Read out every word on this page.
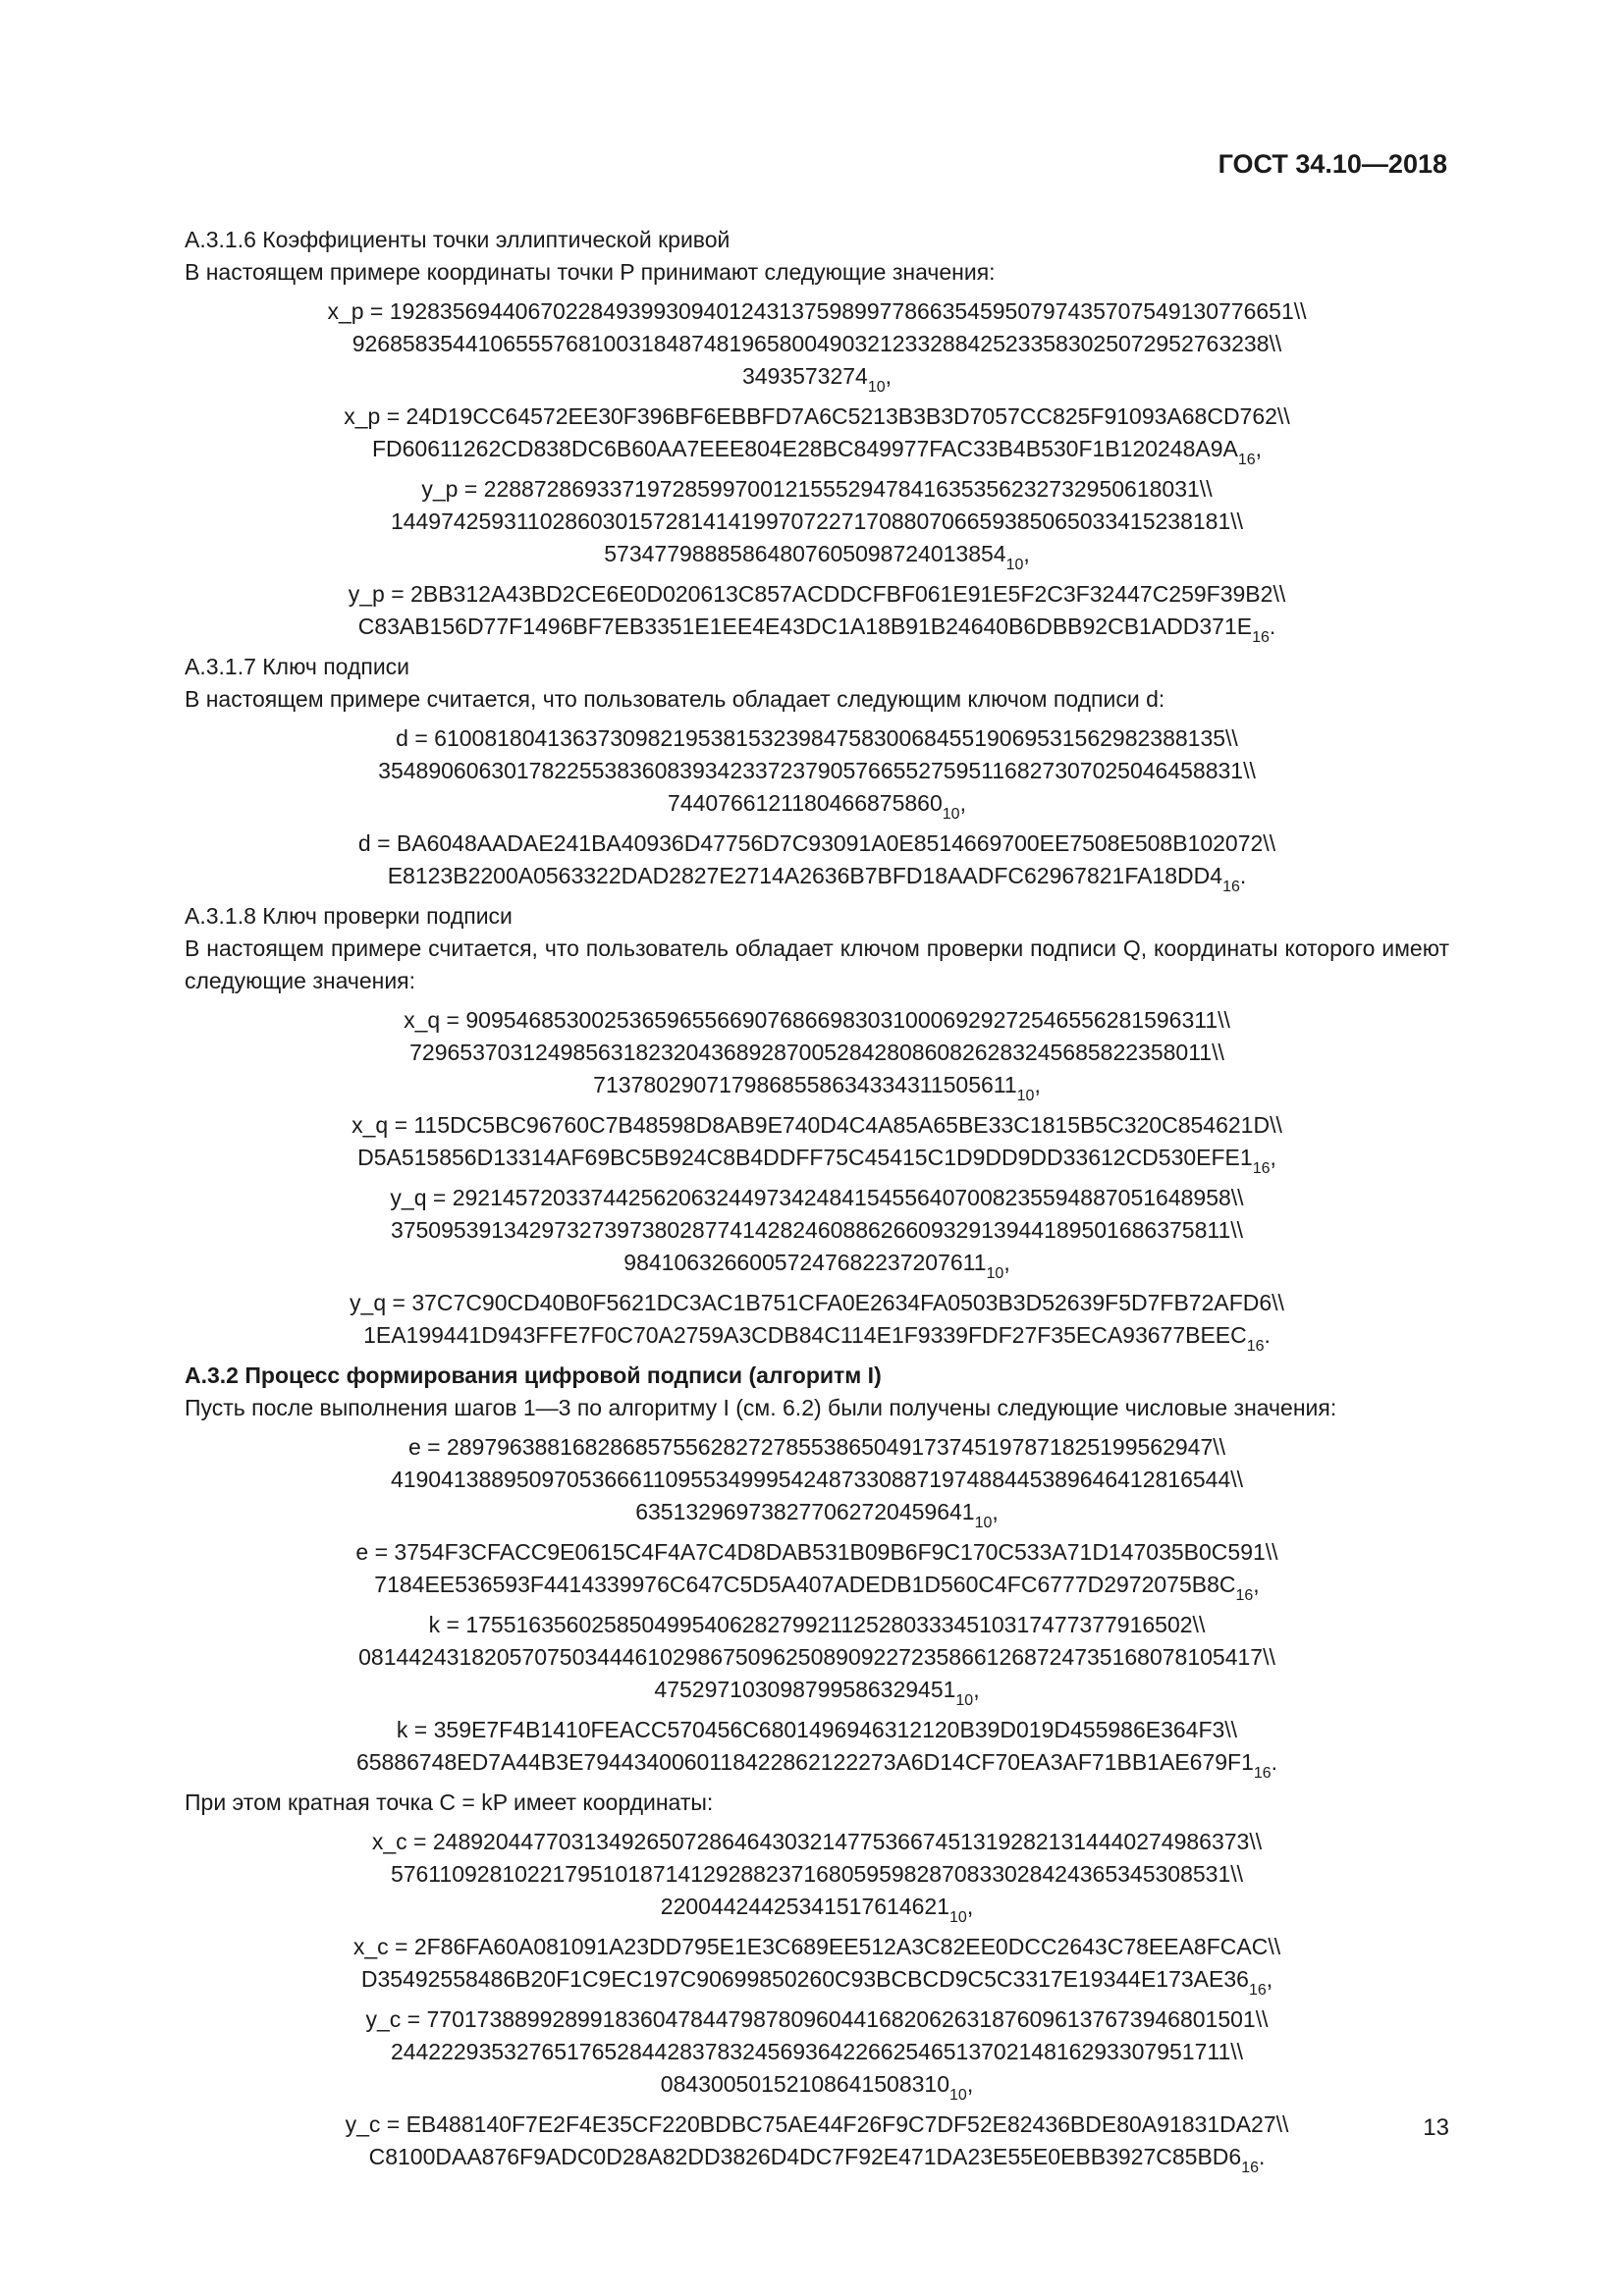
ГОСТ 34.10—2018

А.3.1.6 Коэффициенты точки эллиптической кривой

В настоящем примере координаты точки P принимают следующие значения:

x_p = 192835694406702284939930940124313759899778663545950797435707549130776651\\
9268583544106555768100318487481965800490321233288425233583025072952763238\\
$3493573274_{10}$,
x_p = 24D19CC64572EE30F396BF6EBBFD7A6C5213B3B3D7057CC825F91093A68CD762\\
$FD60611262CD838DC6B60AA7EEE804E28BC849977FAC33B4B530F1B120248A9A_{16}$,
y_p = 228872869337197285997001215552947841635356232732950618031\\
1449742593110286030157281414199707227170880706659385065033415238181\\
$57347798885864807605098724013854_{10}$,
y_p = 2BB312A43BD2CE6E0D020613C857ACDDCFBF061E91E5F2C3F32447C259F39B2\\
$C83AB156D77F1496BF7EB3351E1EE4E43DC1A18B91B24640B6DBB92CB1ADD371E_{16}$.

А.3.1.7 Ключ подписи

В настоящем примере считается, что пользователь обладает следующим ключом подписи d:

d = 610081804136373098219538153239847583006845519069531562982388135\\
354890606301782255383608393423372379057665527595116827307025046458831\\
$7440766121180466875860_{10}$,
d = BA6048AADAE241BA40936D47756D7C93091A0E8514669700EE7508E508B102072\\
$E8123B2200A0563322DAD2827E2714A2636B7BFD18AADFC62967821FA18DD4_{16}$.

А.3.1.8 Ключ проверки подписи

В настоящем примере считается, что пользователь обладает ключом проверки подписи Q, координаты которого имеют следующие значения:

x_q = 909546853002536596556690768669830310006929272546556281596311\\
7296537031249856318232043689287005284280860826283245685822358011\\
$7137802907179868558634334311505611_{10}$,
x_q = 115DC5BC96760C7B48598D8AB9E740D4C4A85A65BE33C1815B5C320C854621D\\
$D5A515856D13314AF69BC5B924C8B4DDFF75C45415C1D9DD9DD33612CD530EFE1_{16}$,
y_q = 29214572033744256206324497342484154556407008235594887051648958\\
3750953913429732739738028774142824608862660932913944189501686375811\\
$98410632660057247682237207611_{10}$,
y_q = 37C7C90CD40B0F5621DC3AC1B751CFA0E2634FA0503B3D52639F5D7FB72AFD6\\
$1EA199441D943FFE7F0C70A2759A3CDB84C114E1F9339FDF27F35ECA93677BEEC_{16}$.

А.3.2 Процесс формирования цифровой подписи (алгоритм I)

Пусть после выполнения шагов 1—3 по алгоритму I (см. 6.2) были получены следующие числовые значения:

e = 2897963881682868575562827278553865049173745197871825199562947\\
4190413889509705366611095534999542487330887197488445389646412816544\\
$635132969738277062720459641_{10}$,
e = 3754F3CFACC9E0615C4F4A7C4D8DAB531B09B6F9C170C533A71D147035B0C591\\
$7184EE536593F4414339976C647C5D5A407ADEDB1D560C4FC6777D2972075B8C_{16}$,
k = 1755163560258504995406282799211252803334510317477377916502\\
081442431820570750344461029867509625089092272358661268724735168078105417\\
$475297103098799586329451_{10}$,
k = 359E7F4B1410FEACC570456C6801496946312120B39D019D455986E364F3\\
$65886748ED7A44B3E7944340060118422862122273A6D14CF70EA3AF71BB1AE679F1_{16}$.

При этом кратная точка C = kP имеет координаты:

x_c = 24892044770313492650728646430321477536674513192821314440274986373\\
5761109281022179510187141292882371680595982870833028424365345308531\\
$22004424425341517614621_{10}$,
x_c = 2F86FA60A081091A23DD795E1E3C689EE512A3C82EE0DCC2643C78EEA8FCAC\\
$D35492558486B20F1C9EC197C90699850260C93BCBCD9C5C3317E19344E173AE36_{16}$,
y_c = 770173889928991836047844798780960441682062631876096137673946801501\\
2442229353276517652844283783245693642266254651370214816293307951711\\
$08430050152108641508310_{10}$,
y_c = EB488140F7E2F4E35CF220BDBC75AE44F26F9C7DF52E82436BDE80A91831DA27\\
$C8100DAA876F9ADC0D28A82DD3826D4DC7F92E471DA23E55E0EBB3927C85BD6_{16}$.
13
